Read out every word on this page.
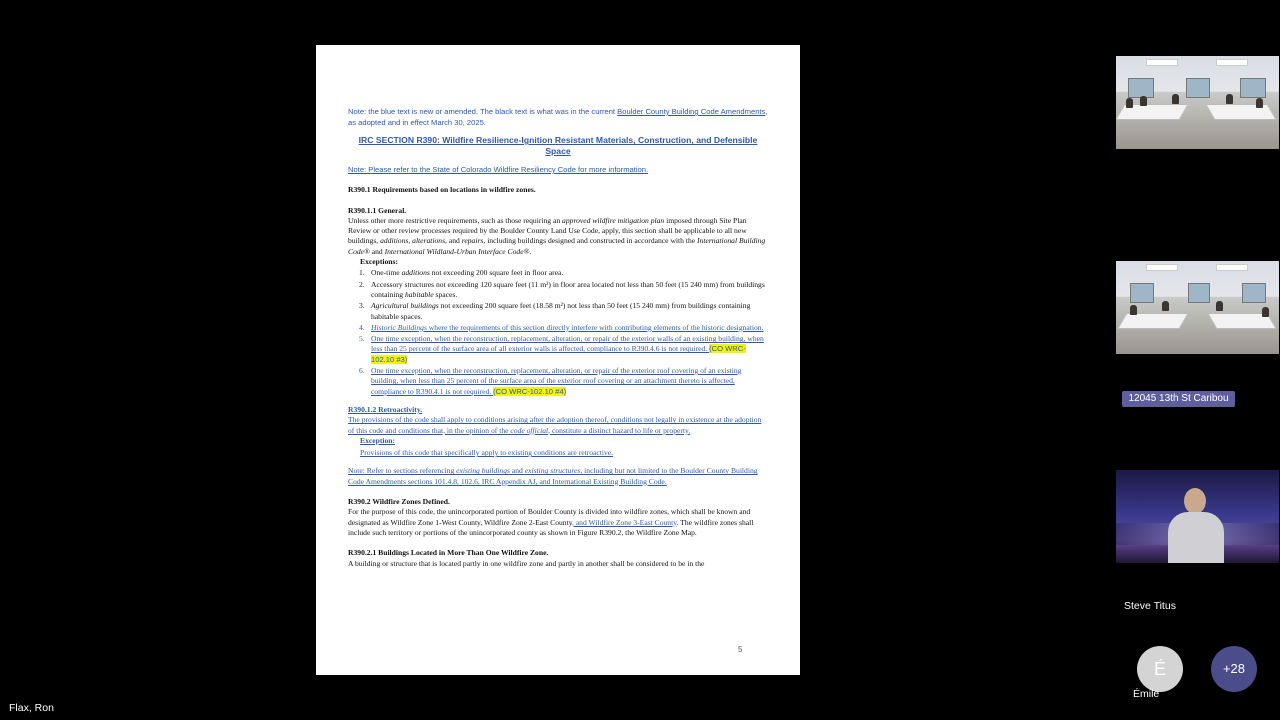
Note: the blue text is new or amended. The black text is what was in the current Boulder County Building Code Amendments, as adopted and in effect March 30, 2025.

IRC SECTION R390: Wildfire Resilience-Ignition Resistant Materials, Construction, and Defensible Space

Note: Please refer to the State of Colorado Wildfire Resiliency Code for more information.

R390.1 Requirements based on locations in wildfire zones.

R390.1.1 General.

Unless other more restrictive requirements, such as those requiring an approved wildfire mitigation plan imposed through Site Plan Review or other review processes required by the Boulder County Land Use Code, apply, this section shall be applicable to all new buildings, additions, alterations, and repairs, including buildings designed and constructed in accordance with the International Building Code® and International Wildland-Urban Interface Code®.

Exceptions:

1. One-time additions not exceeding 200 square feet in floor area.
2. Accessory structures not exceeding 120 square feet (11 m²) in floor area located not less than 50 feet (15 240 mm) from buildings containing habitable spaces.
3. Agricultural buildings not exceeding 200 square feet (18.58 m²) not less than 50 feet (15 240 mm) from buildings containing habitable spaces.
4. Historic Buildings where the requirements of this section directly interfere with contributing elements of the historic designation.
5. One time exception, when the reconstruction, replacement, alteration, or repair of the exterior walls of an existing building, when less than 25 percent of the surface area of all exterior walls is affected, compliance to R390.4.6 is not required. (CO WRC-102.10 #3)
6. One time exception, when the reconstruction, replacement, alteration, or repair of the exterior roof covering of an existing building, when less than 25 percent of the surface area of the exterior roof covering or an attachment thereto is affected, compliance to R390.4.1 is not required. (CO WRC-102.10 #4)

R390.1.2 Retroactivity.

The provisions of the code shall apply to conditions arising after the adoption thereof, conditions not legally in existence at the adoption of this code and conditions that, in the opinion of the code official, constitute a distinct hazard to life or property.

Exception:

Provisions of this code that specifically apply to existing conditions are retroactive.

Note: Refer to sections referencing existing buildings and existing structures, including but not limited to the Boulder County Building Code Amendments sections 101.4.8, 102.6, IRC Appendix AJ, and International Existing Building Code.

R390.2 Wildfire Zones Defined.

For the purpose of this code, the unincorporated portion of Boulder County is divided into wildfire zones, which shall be known and designated as Wildfire Zone 1-West County, Wildfire Zone 2-East County, and Wildfire Zone 3-East County. The wildfire zones shall include such territory or portions of the unincorporated county as shown in Figure R390.2, the Wildfire Zone Map.

R390.2.1 Buildings Located in More Than One Wildfire Zone.

A building or structure that is located partly in one wildfire zone and partly in another shall be considered to be in the

5
12045 13th St Caribou
Steve Titus
É
Émile
+28
Flax, Ron
